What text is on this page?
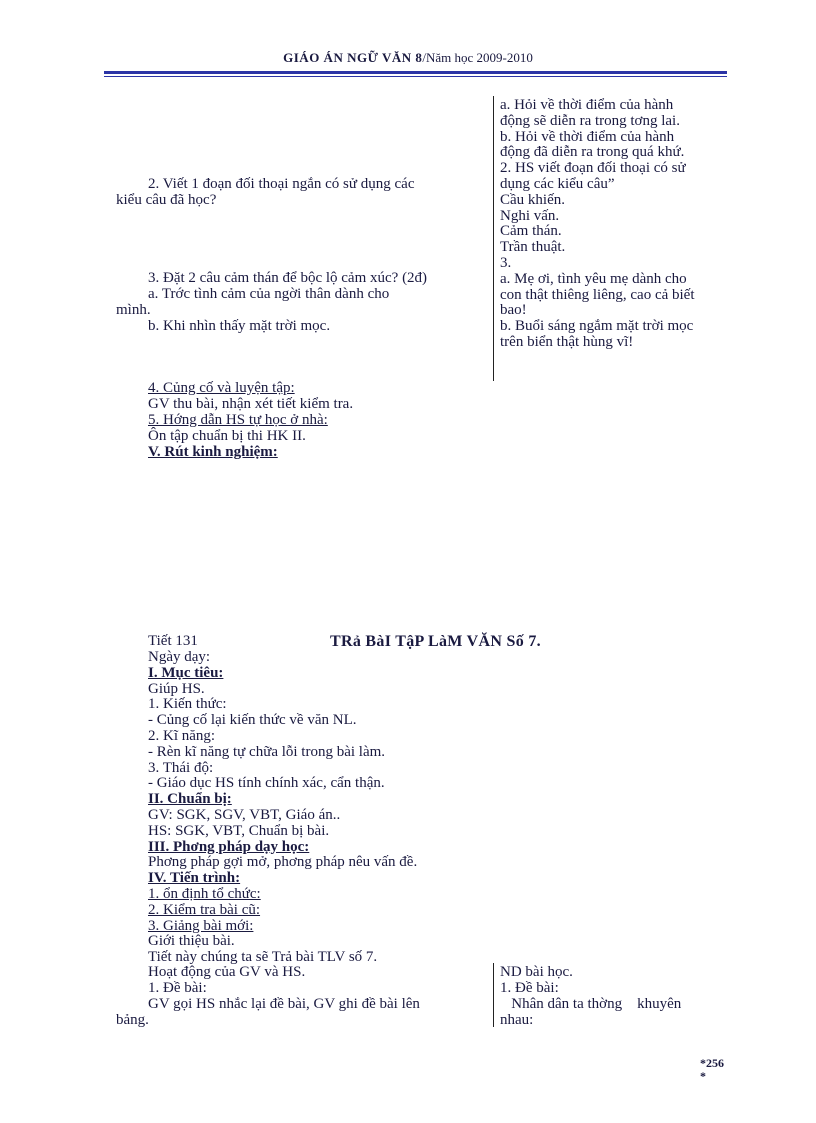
GIÁO ÁN NGỮ VĂN 8/Năm học 2009-2010
a. Hỏi về thời điểm của hành
động sẽ diễn ra trong tơng lai.
b. Hỏi về thời điểm của hành
động đã diễn ra trong quá khứ.
2. HS viết đoạn đối thoại có sử
dụng các kiểu câu”
Cầu khiến.
Nghi vấn.
Cảm thán.
Trần thuật.
3.
a. Mẹ ơi, tình yêu mẹ dành cho
con thật thiêng liêng, cao cả biết
bao!
b. Buổi sáng ngắm mặt trời mọc
trên biển thật hùng vĩ!
2. Viết 1 đoạn đối thoại ngắn có sử dụng các
kiểu câu đã học?
3. Đặt 2 câu cảm thán để bộc lộ cảm xúc? (2đ)
a. Trớc tình cảm của ngời thân dành cho
mình.
b. Khi nhìn thấy mặt trời mọc.
4. Củng cố và luyện tập:
GV thu bài, nhận xét tiết kiểm tra.
5. Hớng dẫn HS tự học ở nhà:
Ôn tập chuẩn bị thi HK II.
V. Rút kinh nghiệm:
Tiết 131	TRả BàI TậP LàM VĂN Số 7.
Ngày dạy:
I. Mục tiêu:
Giúp HS.
1. Kiến thức:
- Củng cố lại kiến thức về văn NL.
2. Kĩ năng:
- Rèn kĩ năng tự chữa lỗi trong bài làm.
3. Thái độ:
- Giáo dục HS tính chính xác, cẩn thận.
II. Chuẩn bị:
GV: SGK, SGV, VBT, Giáo án..
HS: SGK, VBT, Chuẩn bị bài.
III. Phơng pháp dạy học:
Phơng pháp gợi mở, phơng pháp nêu vấn đề.
IV. Tiến trình:
1. ổn định tổ chức:
2. Kiểm tra bài cũ:
3. Giảng bài mới:
Giới thiệu bài.
Tiết này chúng ta sẽ Trả bài TLV số 7.
Hoạt động của GV và HS.
1. Đề bài:
GV gọi HS nhắc lại đề bài, GV ghi đề bài lên
bảng.
ND bài học.
1. Đề bài:
Nhân dân ta thờng    khuyên
nhau:
*256
*
